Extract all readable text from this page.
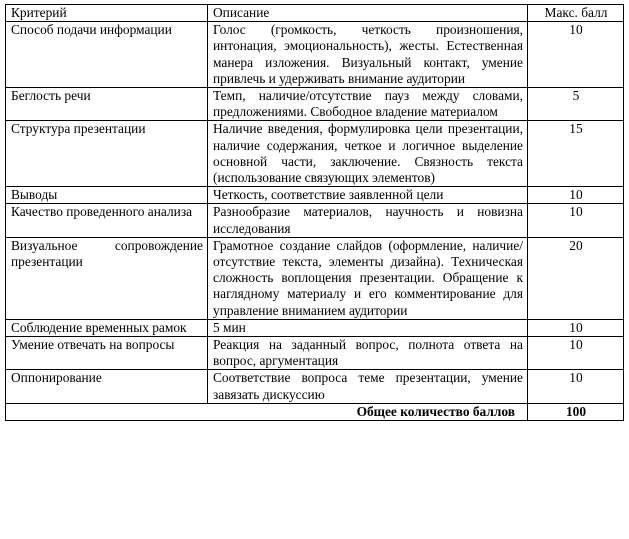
Критерий	Описание	Макс. балл
Способ подачи информации	Голос (громкость, четкость произношения, интонация, эмоциональность), жесты. Естественная манера изложения. Визуальный контакт, умение привлечь и удерживать внимание аудитории	10
Беглость речи	Темп, наличие/отсутствие пауз между словами, предложениями. Свободное владение материалом	5
Структура презентации	Наличие введения, формулировка цели презентации, наличие содержания, четкое и логичное выделение основной части, заключение. Связность текста (использование связующих элементов)	15
Выводы	Четкость, соответствие заявленной цели	10
Качество проведенного анализа	Разнообразие материалов, научность и новизна исследования	10
Визуальное сопровождение презентации	Грамотное создание слайдов (оформление, наличие/отсутствие текста, элементы дизайна). Техническая сложность воплощения презентации. Обращение к наглядному материалу и его комментирование для управление вниманием аудитории	20
Соблюдение временных рамок	5 мин	10
Умение отвечать на вопросы	Реакция на заданный вопрос, полнота ответа на вопрос, аргументация	10
Оппонирование	Соответствие вопроса теме презентации, умение завязать дискуссию	10
Общее количество баллов		100
